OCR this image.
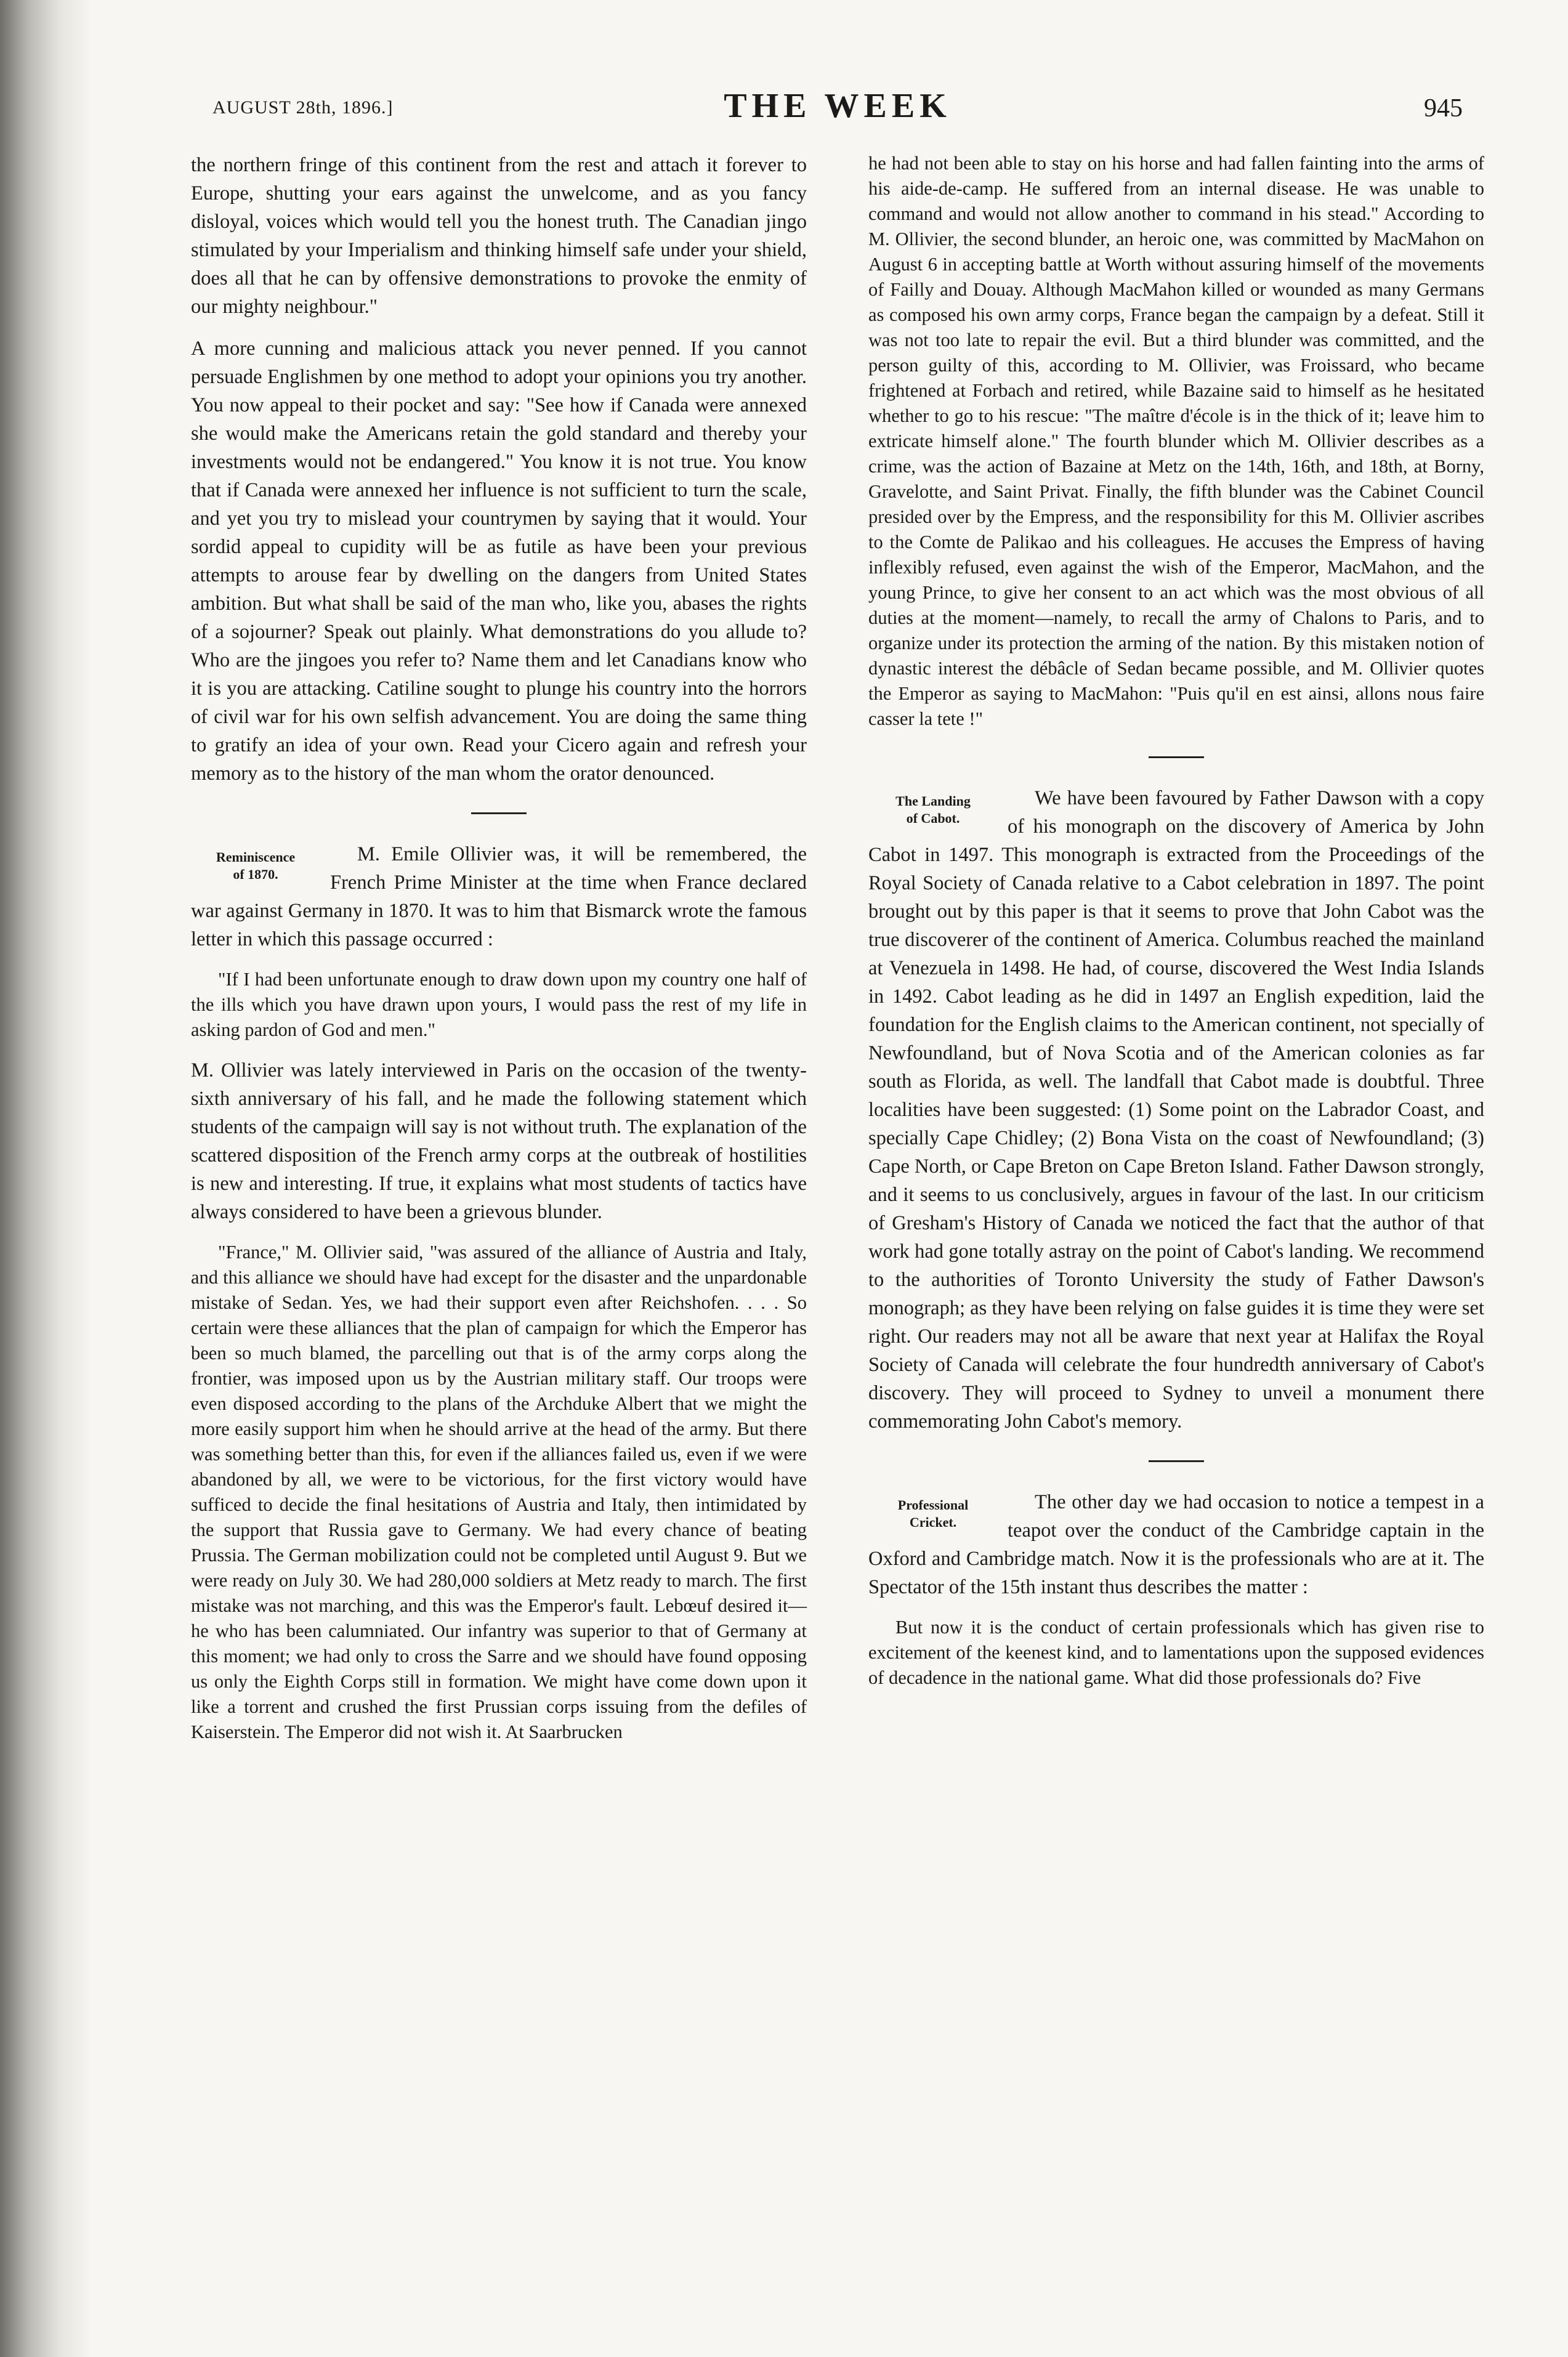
AUGUST 28th, 1896.]	THE WEEK	945

the northern fringe of this continent from the rest and attach it forever to Europe, shutting your ears against the unwelcome, and as you fancy disloyal, voices which would tell you the honest truth. The Canadian jingo stimulated by your Imperialism and thinking himself safe under your shield, does all that he can by offensive demonstrations to provoke the enmity of our mighty neighbour."

A more cunning and malicious attack you never penned. If you cannot persuade Englishmen by one method to adopt your opinions you try another. You now appeal to their pocket and say: "See how if Canada were annexed she would make the Americans retain the gold standard and thereby your investments would not be endangered." You know it is not true. You know that if Canada were annexed her influence is not sufficient to turn the scale, and yet you try to mislead your countrymen by saying that it would. Your sordid appeal to cupidity will be as futile as have been your previous attempts to arouse fear by dwelling on the dangers from United States ambition. But what shall be said of the man who, like you, abases the rights of a sojourner? Speak out plainly. What demonstrations do you allude to? Who are the jingoes you refer to? Name them and let Canadians know who it is you are attacking. Catiline sought to plunge his country into the horrors of civil war for his own selfish advancement. You are doing the same thing to gratify an idea of your own. Read your Cicero again and refresh your memory as to the history of the man whom the orator denounced.

Reminiscence
of 1870.

M. Emile Ollivier was, it will be remembered, the French Prime Minister at the time when France declared war against Germany in 1870. It was to him that Bismarck wrote the famous letter in which this passage occurred :

"If I had been unfortunate enough to draw down upon my country one half of the ills which you have drawn upon yours, I would pass the rest of my life in asking pardon of God and men."

M. Ollivier was lately interviewed in Paris on the occasion of the twenty-sixth anniversary of his fall, and he made the following statement which students of the campaign will say is not without truth. The explanation of the scattered disposition of the French army corps at the outbreak of hostilities is new and interesting. If true, it explains what most students of tactics have always considered to have been a grievous blunder.

"France," M. Ollivier said, "was assured of the alliance of Austria and Italy, and this alliance we should have had except for the disaster and the unpardonable mistake of Sedan. Yes, we had their support even after Reichshofen. . . . So certain were these alliances that the plan of campaign for which the Emperor has been so much blamed, the parcelling out that is of the army corps along the frontier, was imposed upon us by the Austrian military staff. Our troops were even disposed according to the plans of the Archduke Albert that we might the more easily support him when he should arrive at the head of the army. But there was something better than this, for even if the alliances failed us, even if we were abandoned by all, we were to be victorious, for the first victory would have sufficed to decide the final hesitations of Austria and Italy, then intimidated by the support that Russia gave to Germany. We had every chance of beating Prussia. The German mobilization could not be completed until August 9. But we were ready on July 30. We had 280,000 soldiers at Metz ready to march. The first mistake was not marching, and this was the Emperor's fault. Lebœuf desired it—he who has been calumniated. Our infantry was superior to that of Germany at this moment; we had only to cross the Sarre and we should have found opposing us only the Eighth Corps still in formation. We might have come down upon it like a torrent and crushed the first Prussian corps issuing from the defiles of Kaiserstein. The Emperor did not wish it. At Saarbrucken

he had not been able to stay on his horse and had fallen fainting into the arms of his aide-de-camp. He suffered from an internal disease. He was unable to command and would not allow another to command in his stead." According to M. Ollivier, the second blunder, an heroic one, was committed by MacMahon on August 6 in accepting battle at Worth without assuring himself of the movements of Failly and Douay. Although MacMahon killed or wounded as many Germans as composed his own army corps, France began the campaign by a defeat. Still it was not too late to repair the evil. But a third blunder was committed, and the person guilty of this, according to M. Ollivier, was Froissard, who became frightened at Forbach and retired, while Bazaine said to himself as he hesitated whether to go to his rescue: "The maître d'école is in the thick of it; leave him to extricate himself alone." The fourth blunder which M. Ollivier describes as a crime, was the action of Bazaine at Metz on the 14th, 16th, and 18th, at Borny, Gravelotte, and Saint Privat. Finally, the fifth blunder was the Cabinet Council presided over by the Empress, and the responsibility for this M. Ollivier ascribes to the Comte de Palikao and his colleagues. He accuses the Empress of having inflexibly refused, even against the wish of the Emperor, MacMahon, and the young Prince, to give her consent to an act which was the most obvious of all duties at the moment—namely, to recall the army of Chalons to Paris, and to organize under its protection the arming of the nation. By this mistaken notion of dynastic interest the débâcle of Sedan became possible, and M. Ollivier quotes the Emperor as saying to MacMahon: "Puis qu'il en est ainsi, allons nous faire casser la tete !"

The Landing
of Cabot.

We have been favoured by Father Dawson with a copy of his monograph on the discovery of America by John Cabot in 1497. This monograph is extracted from the Proceedings of the Royal Society of Canada relative to a Cabot celebration in 1897. The point brought out by this paper is that it seems to prove that John Cabot was the true discoverer of the continent of America. Columbus reached the mainland at Venezuela in 1498. He had, of course, discovered the West India Islands in 1492. Cabot leading as he did in 1497 an English expedition, laid the foundation for the English claims to the American continent, not specially of Newfoundland, but of Nova Scotia and of the American colonies as far south as Florida, as well. The landfall that Cabot made is doubtful. Three localities have been suggested: (1) Some point on the Labrador Coast, and specially Cape Chidley; (2) Bona Vista on the coast of Newfoundland; (3) Cape North, or Cape Breton on Cape Breton Island. Father Dawson strongly, and it seems to us conclusively, argues in favour of the last. In our criticism of Gresham's History of Canada we noticed the fact that the author of that work had gone totally astray on the point of Cabot's landing. We recommend to the authorities of Toronto University the study of Father Dawson's monograph; as they have been relying on false guides it is time they were set right. Our readers may not all be aware that next year at Halifax the Royal Society of Canada will celebrate the four hundredth anniversary of Cabot's discovery. They will proceed to Sydney to unveil a monument there commemorating John Cabot's memory.

Professional
Cricket.

The other day we had occasion to notice a tempest in a teapot over the conduct of the Cambridge captain in the Oxford and Cambridge match. Now it is the professionals who are at it. The Spectator of the 15th instant thus describes the matter :

But now it is the conduct of certain professionals which has given rise to excitement of the keenest kind, and to lamentations upon the supposed evidences of decadence in the national game. What did those professionals do? Five
